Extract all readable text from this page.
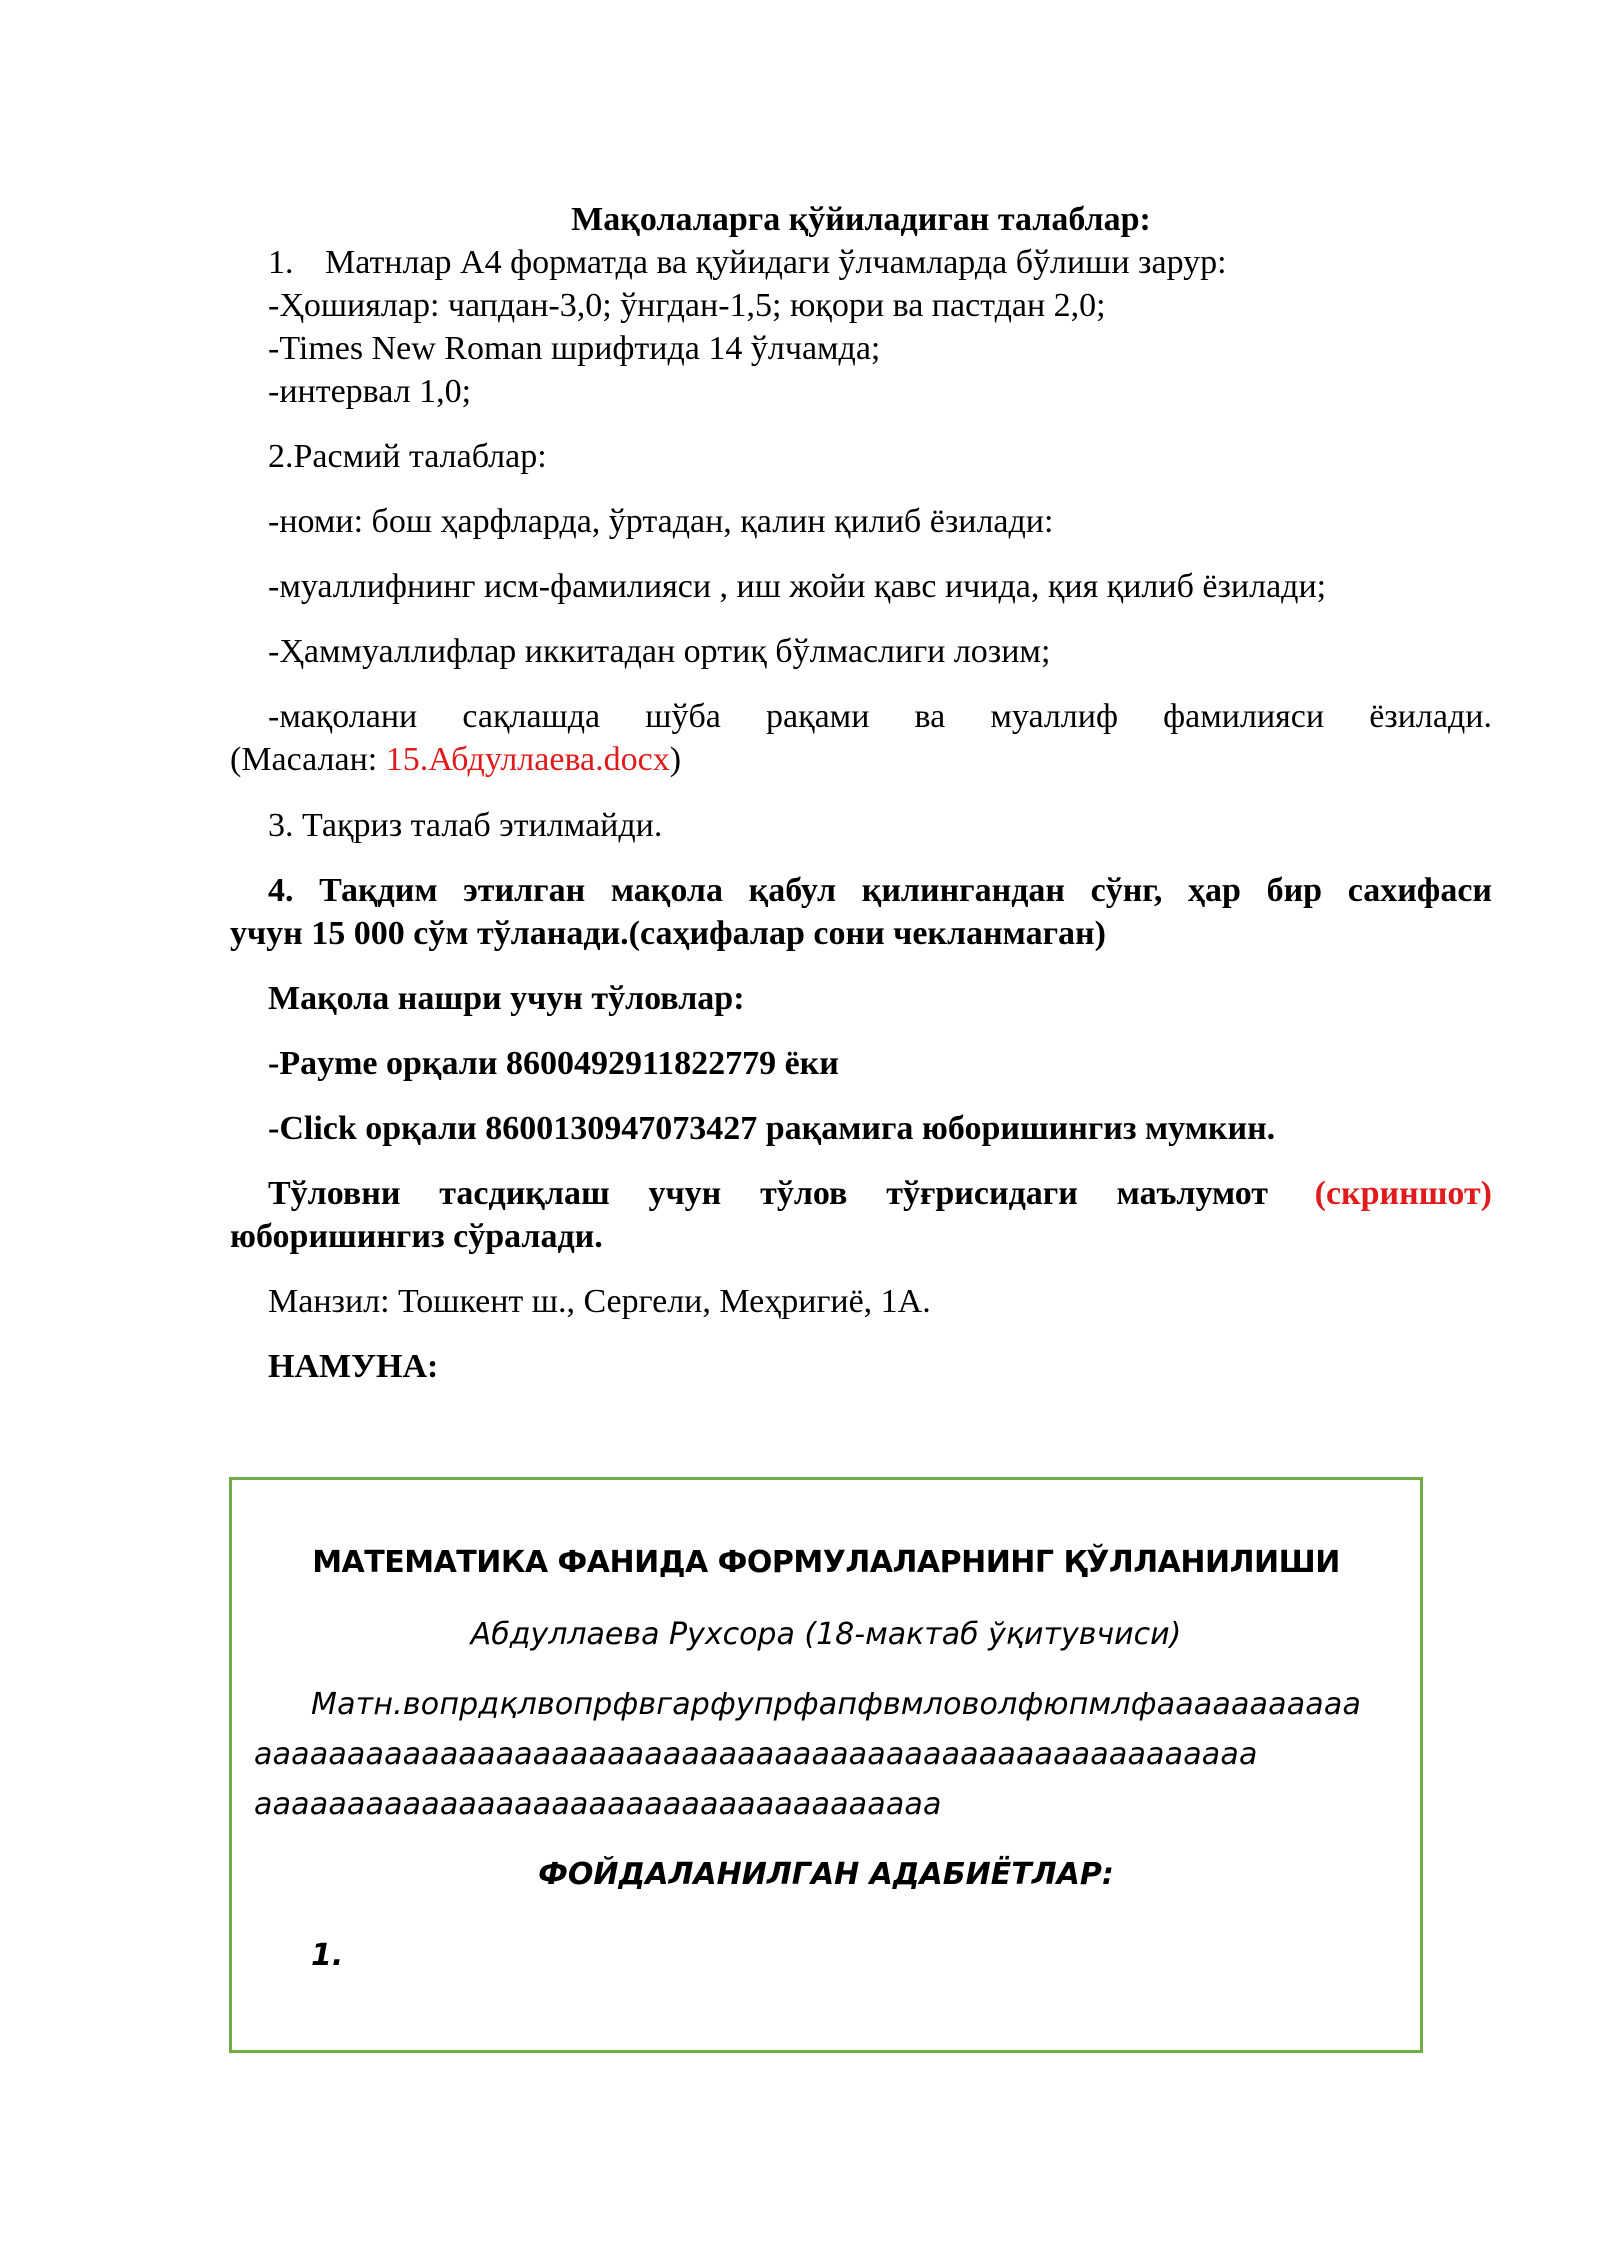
Мақолаларга қўйиладиган талаблар:
1. Матнлар А4 форматда ва қуйидаги ўлчамларда бўлиши зарур:
-Ҳошиялар: чапдан-3,0; ўнгдан-1,5; юқори ва пастдан 2,0;
-Times New Roman шрифтида 14 ўлчамда;
-интервал 1,0;
2.Расмий талаблар:
-номи: бош ҳарфларда, ўртадан, қалин қилиб ёзилади:
-муаллифнинг исм-фамилияси , иш жойи қавс ичида, қия қилиб ёзилади;
-Ҳаммуаллифлар иккитадан ортиқ бўлмаслиги лозим;
-мақолани сақлашда шўба рақами ва муаллиф фамилияси ёзилади.
(Масалан: 15.Абдуллаева.docx)
3. Тақриз талаб этилмайди.
4. Тақдим этилган мақола қабул қилингандан сўнг, ҳар бир сахифаси
учун 15 000 сўм тўланади.(саҳифалар сони чекланмаган)
Мақола нашри учун тўловлар:
-Payme орқали 8600492911822779 ёки
-Click орқали 8600130947073427 рақамига юборишингиз мумкин.
Тўловни тасдиқлаш учун тўлов тўғрисидаги маълумот (скриншот)
юборишингиз сўралади.
Манзил: Тошкент ш., Сергели, Меҳригиё, 1А.
НАМУНА:
МАТЕМАТИКА ФАНИДА ФОРМУЛАЛАРНИНГ ҚЎЛЛАНИЛИШИ
Абдуллаева Рухсора (18-мактаб ўқитувчиси)
Матн.вопрдқлвопрфвгарфупрфапфвмловолфюпмлфааааааааааа
аааааааааааааааааааааааааааааааааааааааааааааааааааааа
ааааааааааааааааааааааааааааааааааааа
ФОЙДАЛАНИЛГАН АДАБИЁТЛАР:
1.
